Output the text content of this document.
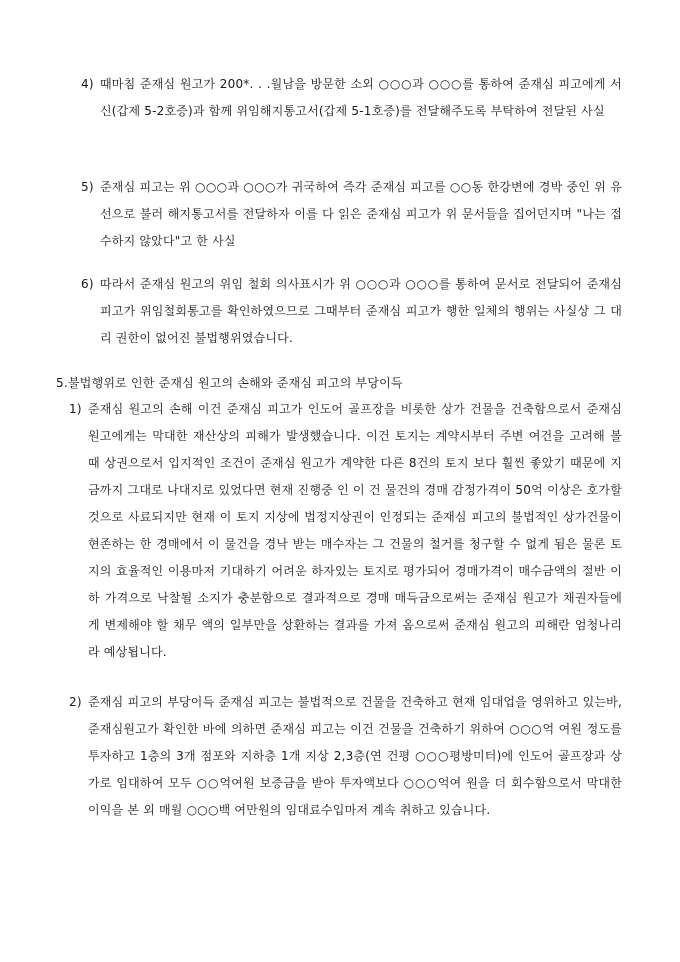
4) 때마침 준재심 원고가 200*. . .월남을 방문한 소외 ○○○과 ○○○를 통하여 준재심 피고에게 서신(갑제 5-2호증)과 함께 위임해지통고서(갑제 5-1호증)를 전달해주도록 부탁하여 전달된 사실
5) 준재심 피고는 위 ○○○과 ○○○가 귀국하여 즉각 준재심 피고를 ○○동 한강변에 경박 중인 위 유선으로 불러 해지통고서를 전달하자 이를 다 읽은 준재심 피고가 위 문서들을 집어던지며 "나는 접수하지 않았다"고 한 사실
6) 따라서 준재심 원고의 위임 철회 의사표시가 위 ○○○과 ○○○를 통하여 문서로 전달되어 준재심 피고가 위임철회통고를 확인하였으므로 그때부터 준재심 피고가 행한 일체의 행위는 사실상 그 대리 권한이 없어진 불법행위였습니다.
5. 불법행위로 인한 준재심 원고의 손해와 준재심 피고의 부당이득
1) 준재심 원고의 손해 이건 준재심 피고가 인도어 골프장을 비롯한 상가 건물을 건축함으로서 준재심 원고에게는 막대한 재산상의 피해가 발생했습니다. 이건 토지는 계약시부터 주변 여건을 고려해 볼 때 상권으로서 입지적인 조건이 준재심 원고가 계약한 다른 8건의 토지 보다 훨씬 좋았기 때문에 지금까지 그대로 나대지로 있었다면 현재 진행중 인 이 건 물건의 경매 감정가격이 50억 이상은 호가할 것으로 사료되지만 현재 이 토지 지상에 법정지상권이 인정되는 준재심 피고의 불법적인 상가건물이 현존하는 한 경매에서 이 물건을 경낙 받는 매수자는 그 건물의 철거를 청구할 수 없게 됨은 물론 토지의 효율적인 이용마저 기대하기 어려운 하자있는 토지로 평가되어 경매가격이 매수금액의 절반 이하 가격으로 낙찰될 소지가 충분함으로 결과적으로 경매 매득금으로써는 준재심 원고가 채권자들에게 변제해야 할 채무 액의 일부만을 상환하는 결과를 가져 옴으로써 준재심 원고의 피해란 엄청나리라 예상됩니다.
2) 준재심 피고의 부당이득 준재심 피고는 불법적으로 건물을 건축하고 현재 임대업을 영위하고 있는바, 준재심원고가 확인한 바에 의하면 준재심 피고는 이건 건물을 건축하기 위하여 ○○○억 여원 정도를 투자하고 1층의 3개 점포와 지하층 1개 지상 2,3층(연 건평 ○○○평방미터)에 인도어 골프장과 상가로 임대하여 모두 ○○억여원 보증금을 받아 투자액보다 ○○○억여 원을 더 회수함으로서 막대한 이익을 본 외 매월 ○○○백 여만원의 임대료수입마저 계속 취하고 있습니다.
